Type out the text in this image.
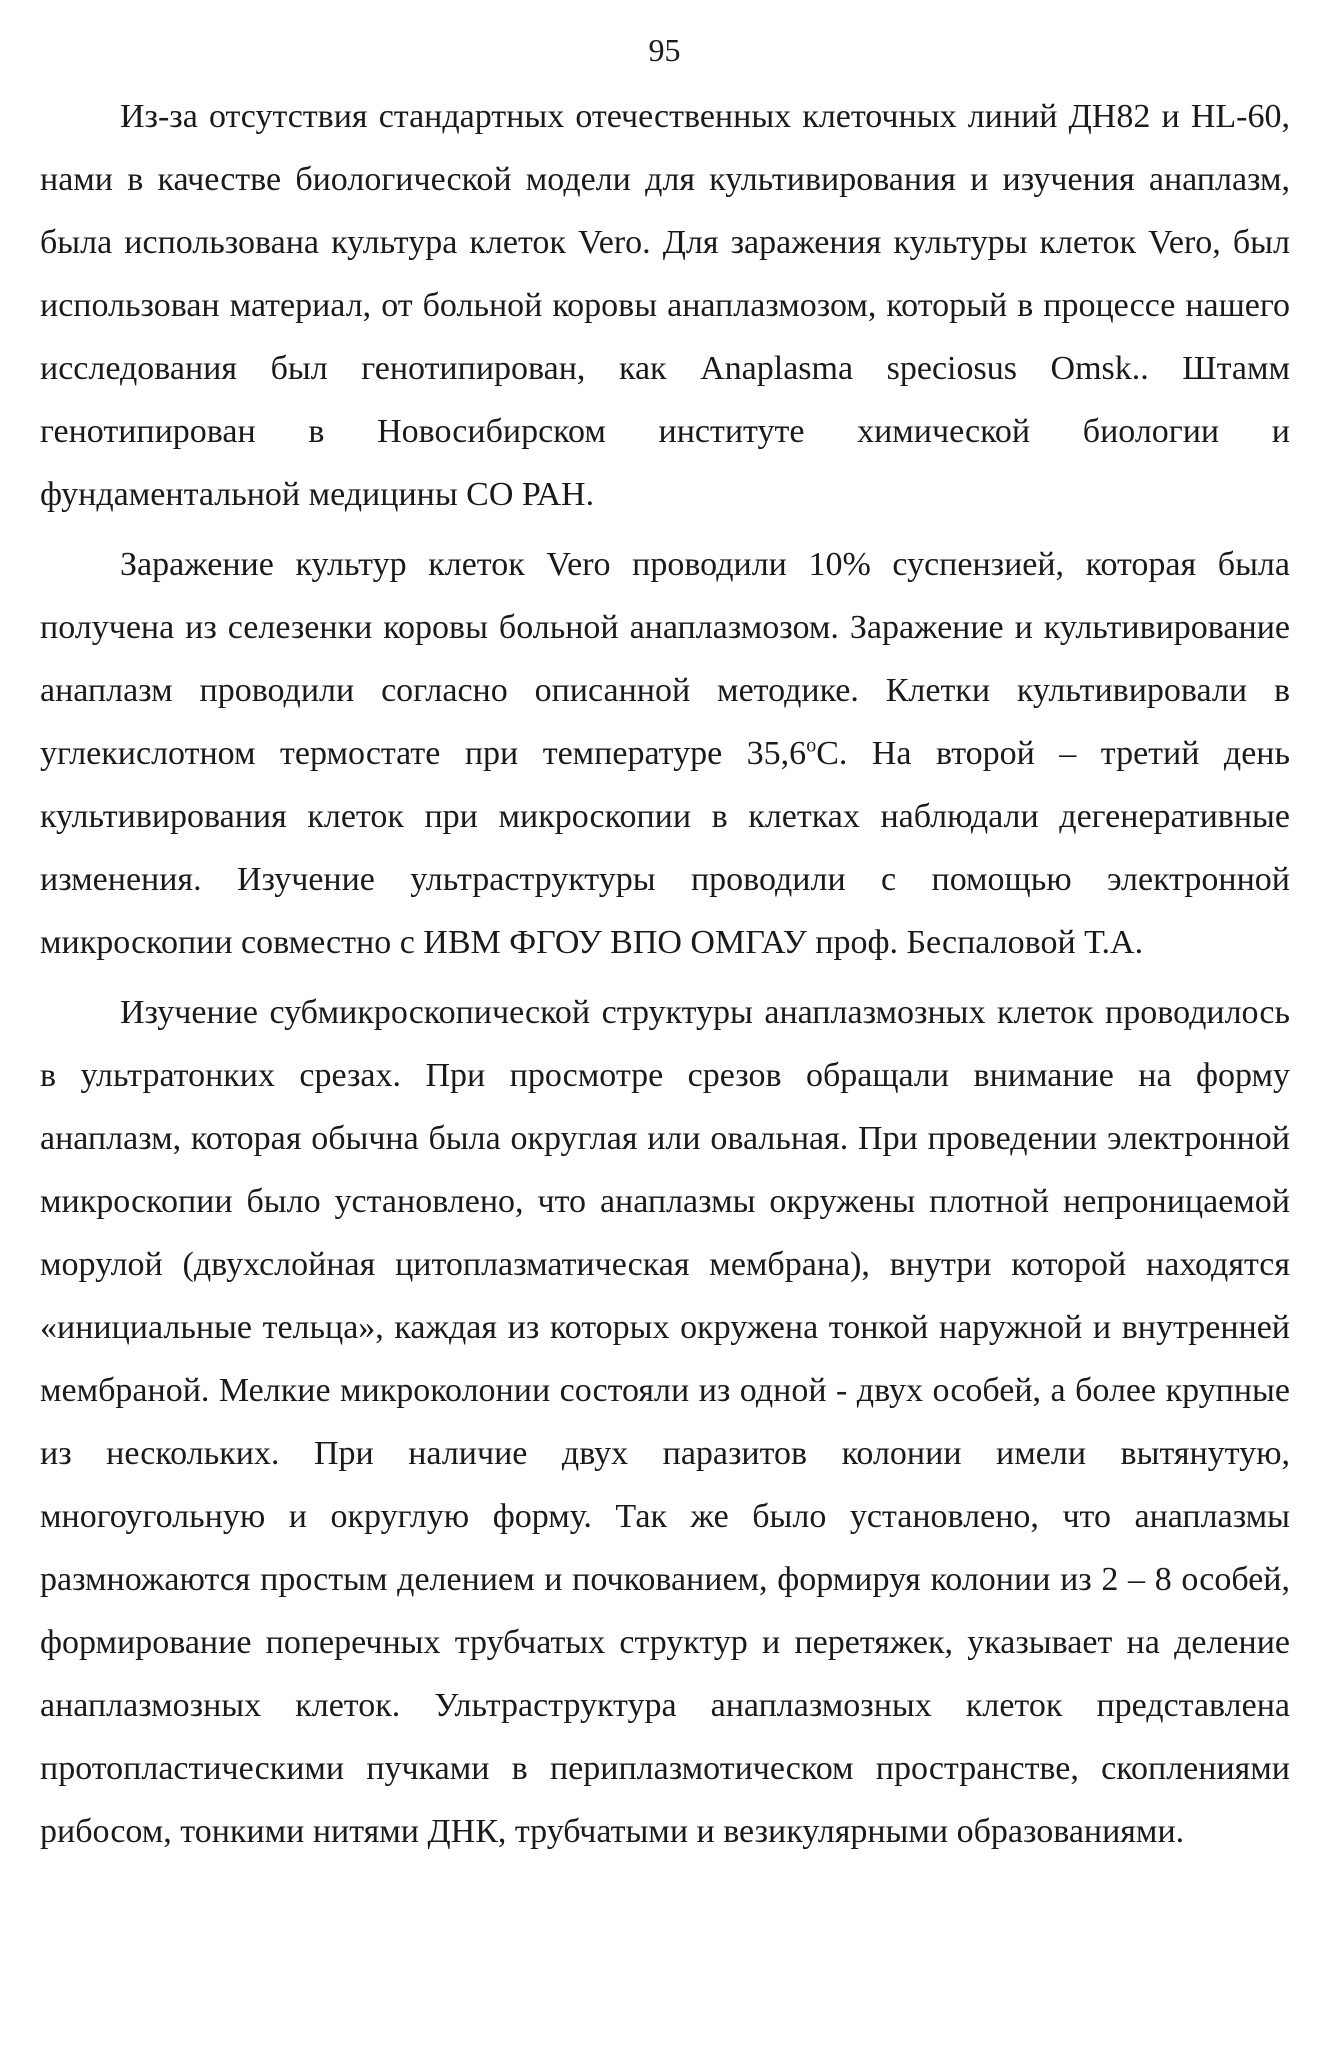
95

Из-за отсутствия стандартных отечественных клеточных линий ДН82 и HL-60, нами в качестве биологической модели для культивирования и изучения анаплазм, была использована культура клеток Vero. Для заражения культуры клеток Vero, был использован материал, от больной коровы анаплазмозом, который в процессе нашего исследования был генотипирован, как Anaplasma speciosus Omsk.. Штамм генотипирован в Новосибирском институте химической биологии и фундаментальной медицины СО РАН.

Заражение культур клеток Vero проводили 10% суспензией, которая была получена из селезенки коровы больной анаплазмозом. Заражение и культивирование анаплазм проводили согласно описанной методике. Клетки культивировали в углекислотном термостате при температуре 35,6$^o$С. На второй – третий день культивирования клеток при микроскопии в клетках наблюдали дегенеративные изменения. Изучение ультраструктуры проводили с помощью электронной микроскопии совместно с ИВМ ФГОУ ВПО ОМГАУ проф. Беспаловой Т.А.

Изучение субмикроскопической структуры анаплазмозных клеток проводилось в ультратонких срезах. При просмотре срезов обращали внимание на форму анаплазм, которая обычна была округлая или овальная. При проведении электронной микроскопии было установлено, что анаплазмы окружены плотной непроницаемой морулой (двухслойная цитоплазматическая мембрана), внутри которой находятся «инициальные тельца», каждая из которых окружена тонкой наружной и внутренней мембраной. Мелкие микроколонии состояли из одной - двух особей, а более крупные из нескольких. При наличие двух паразитов колонии имели вытянутую, многоугольную и округлую форму. Так же было установлено, что анаплазмы размножаются простым делением и почкованием, формируя колонии из 2 – 8 особей, формирование поперечных трубчатых структур и перетяжек, указывает на деление анаплазмозных клеток. Ультраструктура анаплазмозных клеток представлена протопластическими пучками в периплазмотическом пространстве, скоплениями рибосом, тонкими нитями ДНК, трубчатыми и везикулярными образованиями.
